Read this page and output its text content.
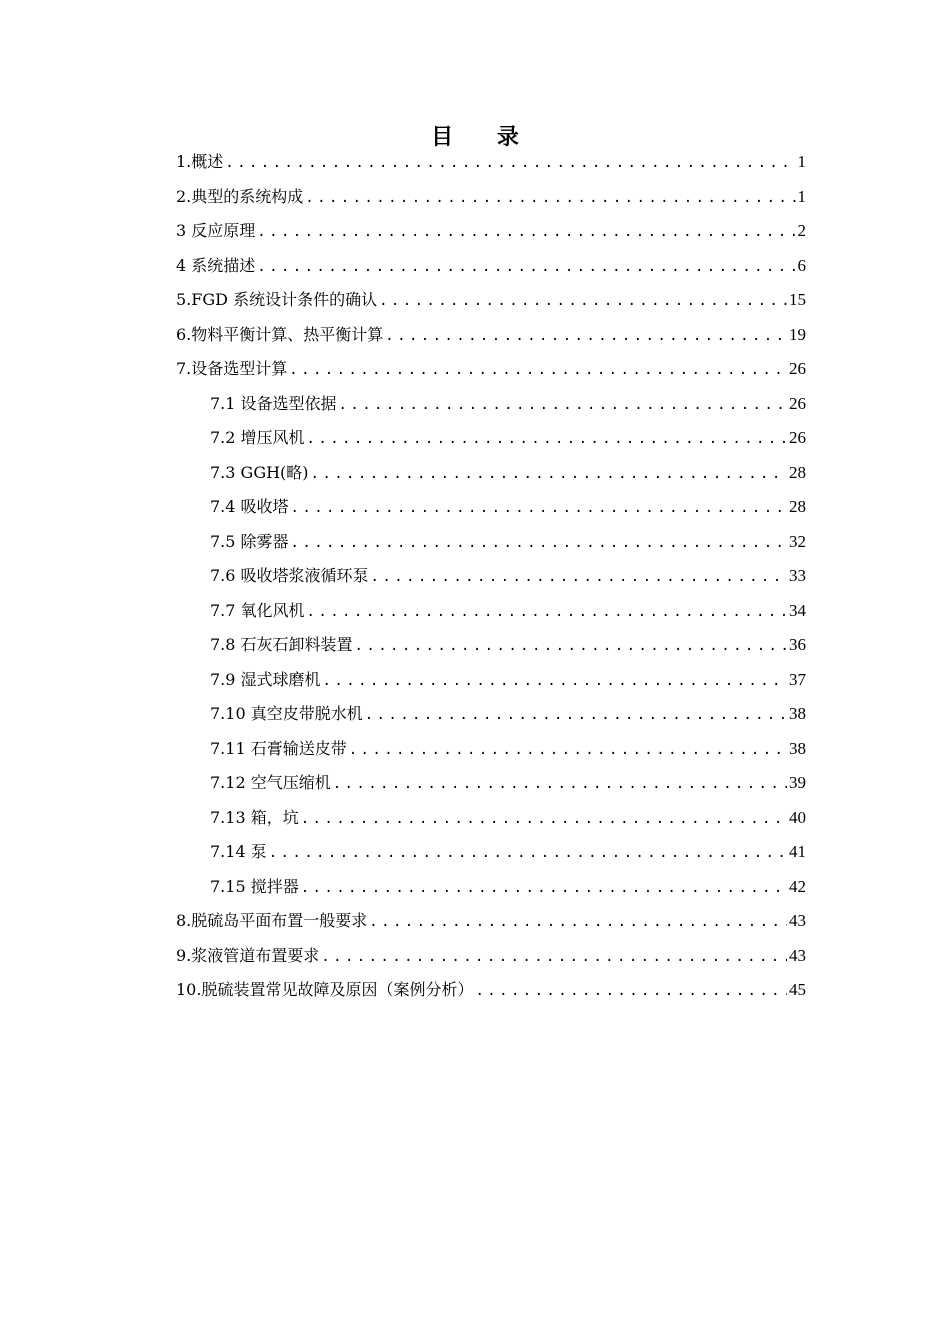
目 录
1.概述 .....	1
2.典型的系统构成 .....	1
3 反应原理 .....	2
4 系统描述 .....	6
5.FGD 系统设计条件的确认 .....	15
6.物料平衡计算、热平衡计算 .....	19
7.设备选型计算 .....	26
7.1 设备选型依据 .....	26
7.2 增压风机 .....	26
7.3 GGH(略) .....	28
7.4 吸收塔 .....	28
7.5 除雾器 .....	32
7.6 吸收塔浆液循环泵 .....	33
7.7 氧化风机 .....	34
7.8 石灰石卸料装置 .....	36
7.9 湿式球磨机 .....	37
7.10 真空皮带脱水机 .....	38
7.11 石膏输送皮带 .....	38
7.12 空气压缩机 .....	39
7.13 箱，坑 .....	40
7.14 泵 .....	41
7.15 搅拌器 .....	42
8.脱硫岛平面布置一般要求 .....	43
9.浆液管道布置要求 .....	43
10.脱硫装置常见故障及原因（案例分析） .....	45
